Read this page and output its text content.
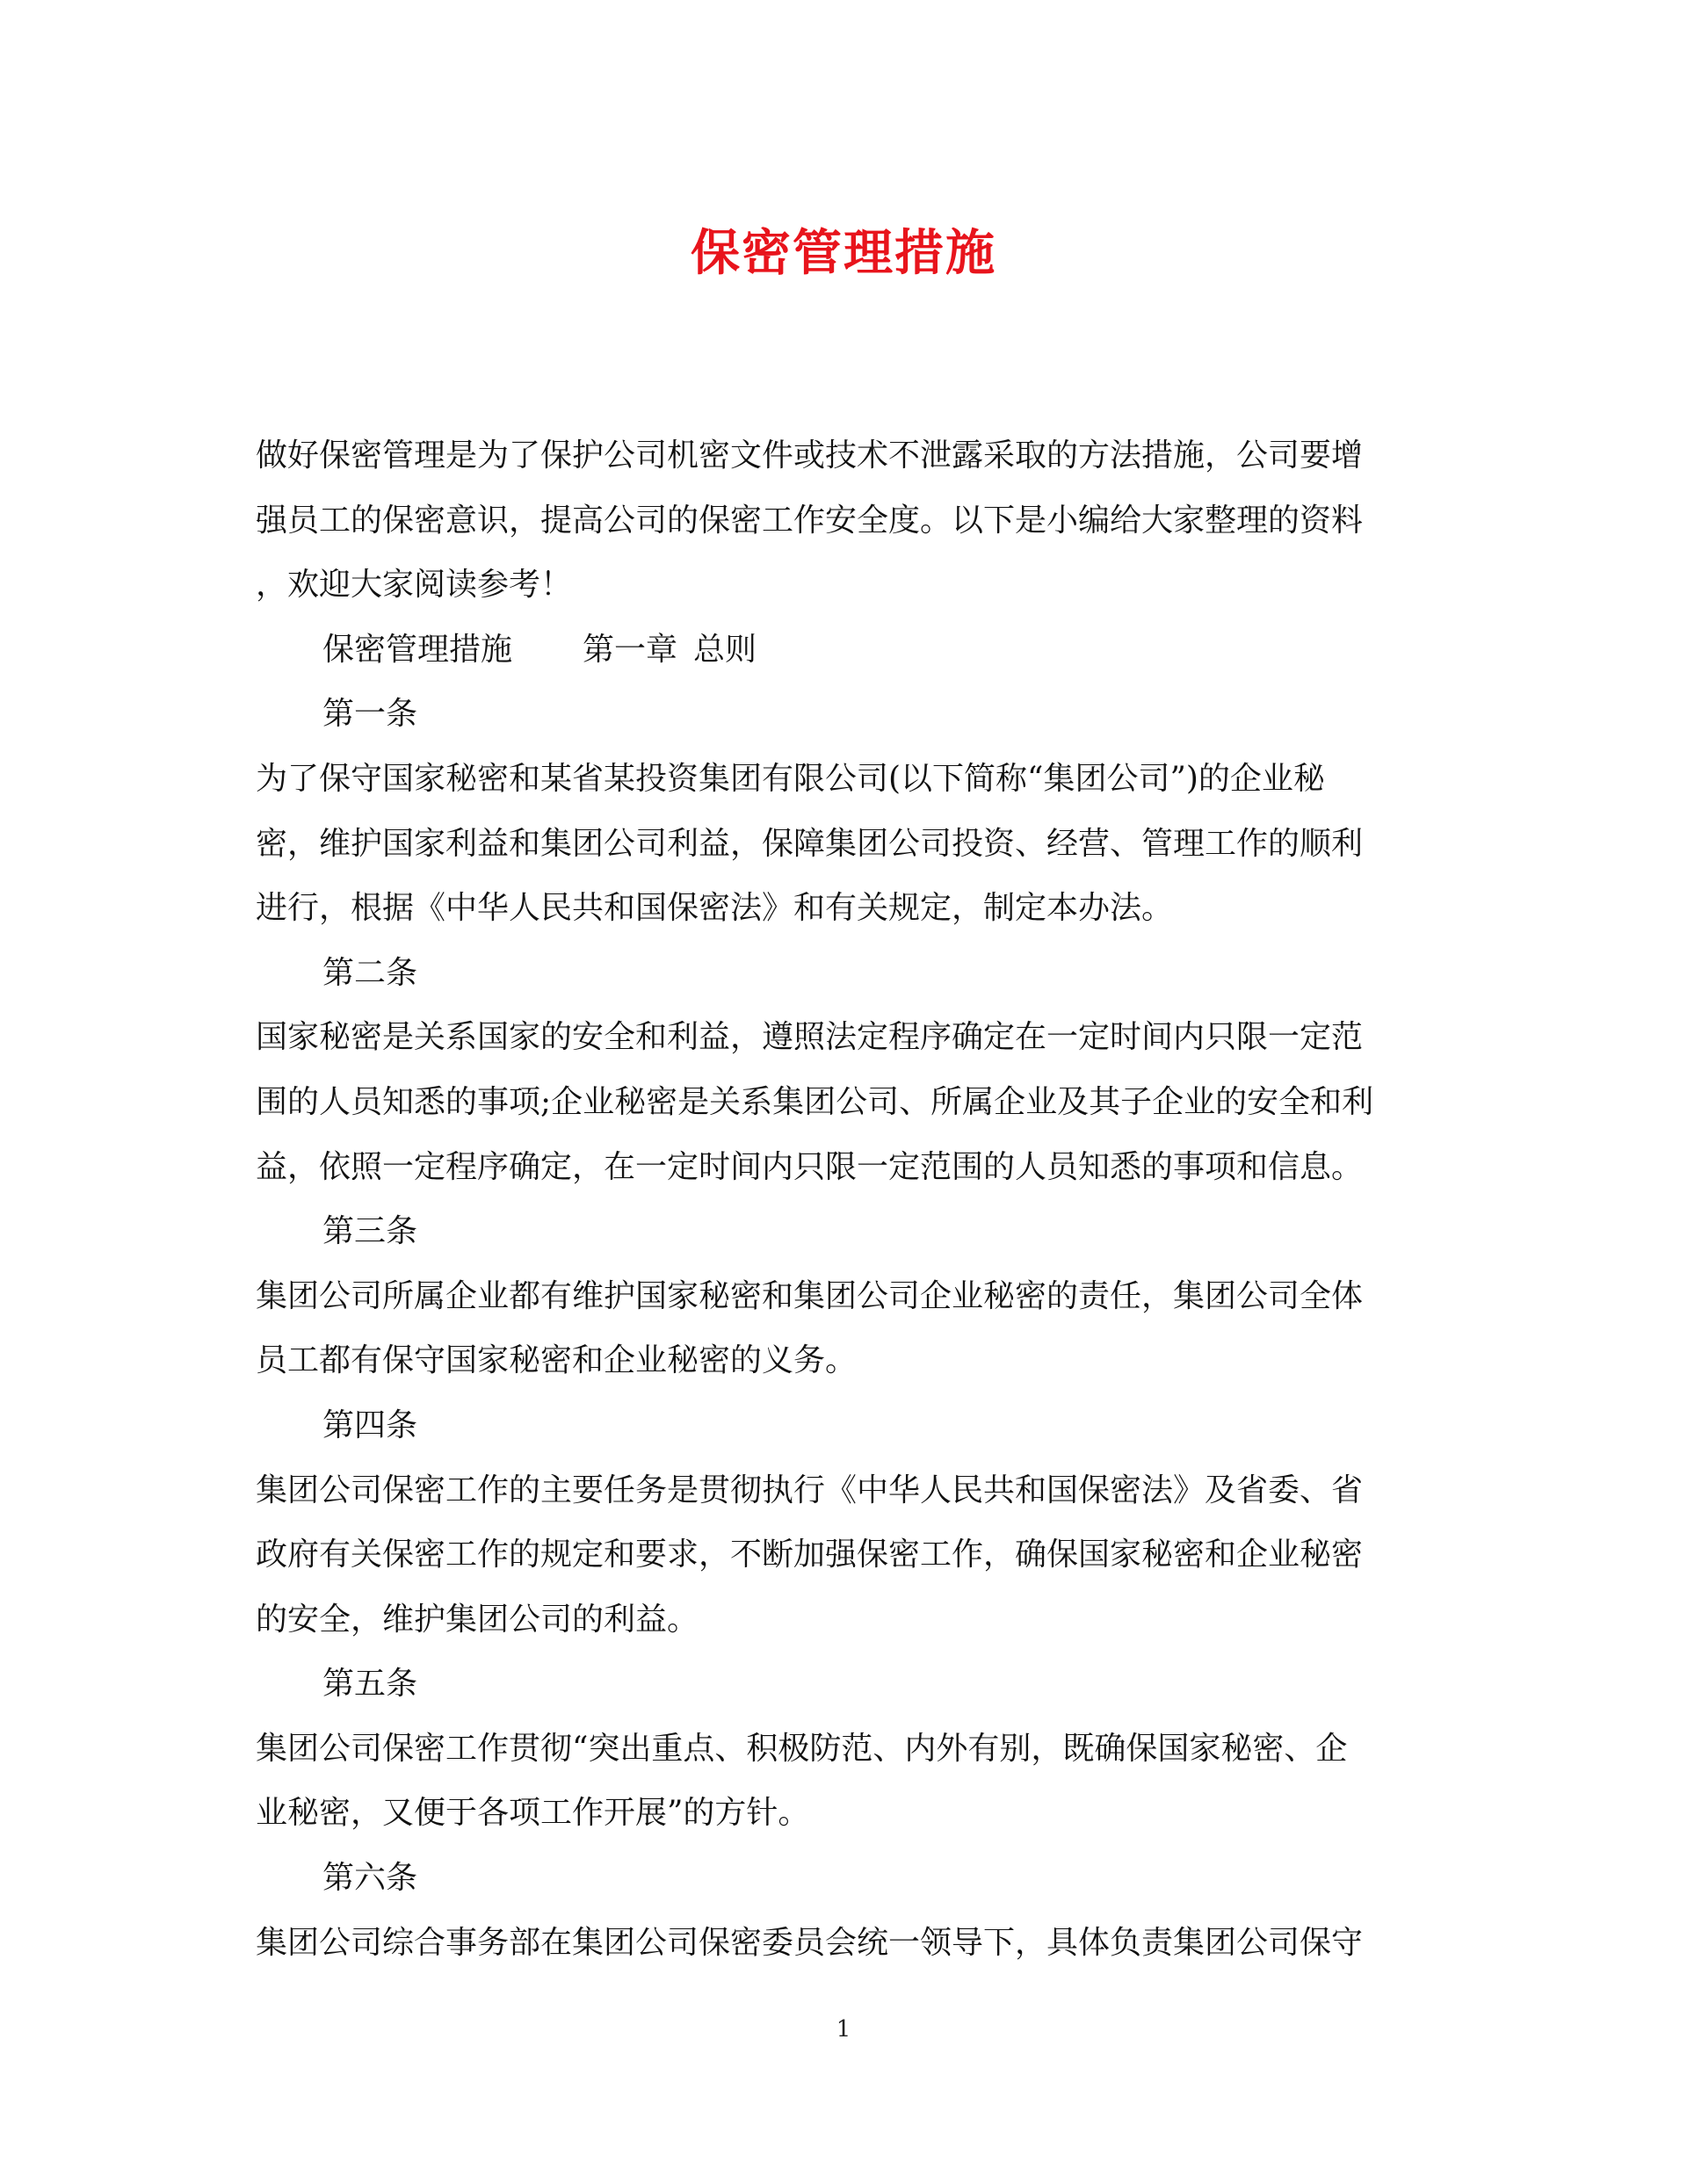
保密管理措施
做好保密管理是为了保护公司机密文件或技术不泄露采取的方法措施，公司要增
强员工的保密意识，提高公司的保密工作安全度。以下是小编给大家整理的资料
，欢迎大家阅读参考！
保密管理措施 第一章 总则
第一条
为了保守国家秘密和某省某投资集团有限公司(以下简称“集团公司”)的企业秘
密，维护国家利益和集团公司利益，保障集团公司投资、经营、管理工作的顺利
进行，根据《中华人民共和国保密法》和有关规定，制定本办法。
第二条
国家秘密是关系国家的安全和利益，遵照法定程序确定在一定时间内只限一定范
围的人员知悉的事项;企业秘密是关系集团公司、所属企业及其子企业的安全和利
益，依照一定程序确定，在一定时间内只限一定范围的人员知悉的事项和信息。
第三条
集团公司所属企业都有维护国家秘密和集团公司企业秘密的责任，集团公司全体
员工都有保守国家秘密和企业秘密的义务。
第四条
集团公司保密工作的主要任务是贯彻执行《中华人民共和国保密法》及省委、省
政府有关保密工作的规定和要求，不断加强保密工作，确保国家秘密和企业秘密
的安全，维护集团公司的利益。
第五条
集团公司保密工作贯彻“突出重点、积极防范、内外有别，既确保国家秘密、企
业秘密，又便于各项工作开展”的方针。
第六条
集团公司综合事务部在集团公司保密委员会统一领导下，具体负责集团公司保守
1
